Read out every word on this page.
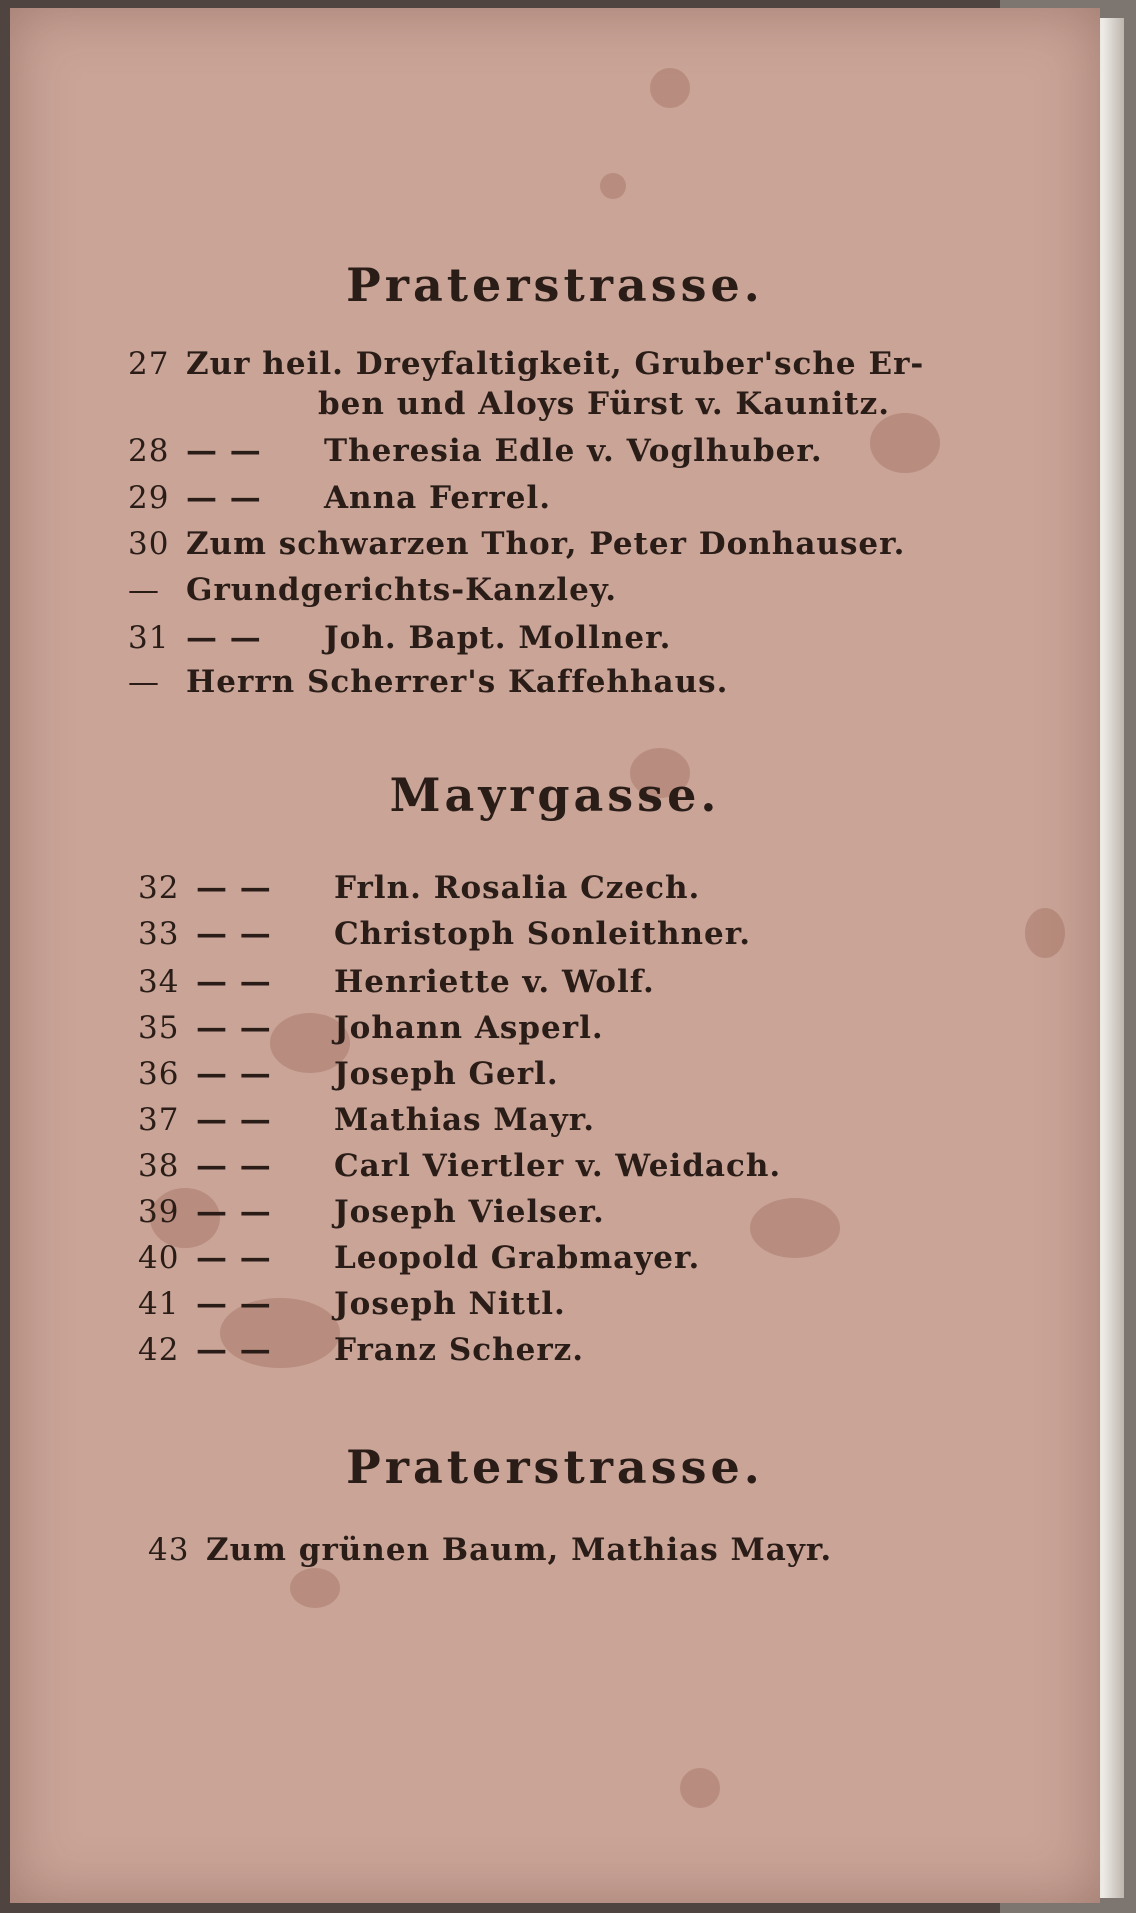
Praterstrasse.
27 Zur heil. Dreyfaltigkeit, Gruber'sche Er-
ben und Aloys Fürst v. Kaunitz.
28 — — Theresia Edle v. Voglhuber.
29 — — Anna Ferrel.
30 Zum schwarzen Thor, Peter Donhauser.
— Grundgerichts-Kanzley.
31 — — Joh. Bapt. Mollner.
— Herrn Scherrer's Kaffehhaus.
Mayrgasse.
32 — — Frln. Rosalia Czech.
33 — — Christoph Sonleithner.
34 — — Henriette v. Wolf.
35 — — Johann Asperl.
36 — — Joseph Gerl.
37 — — Mathias Mayr.
38 — — Carl Viertler v. Weidach.
39 — — Joseph Vielser.
40 — — Leopold Grabmayer.
41 — — Joseph Nittl.
42 — — Franz Scherz.
Praterstrasse.
43 Zum grünen Baum, Mathias Mayr.
